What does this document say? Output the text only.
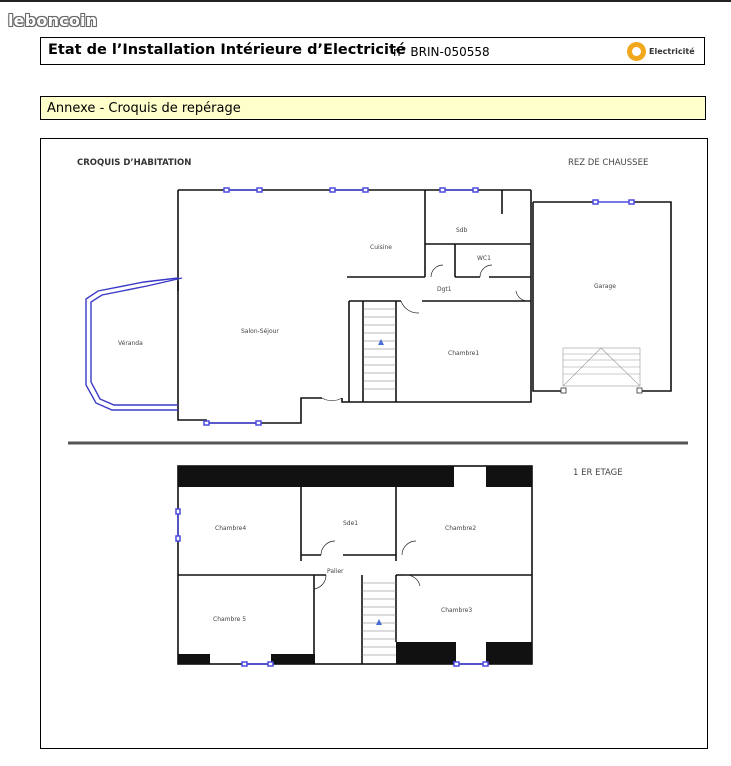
leboncoin
Etat de l’Installation Intérieure d’Electricité
n° BRIN-050558	Electricité
Annexe - Croquis de repérage
CROQUIS D’HABITATION	REZ DE CHAUSSEE
1 ER ETAGE
Véranda
Salon-Séjour
Cuisine
Sdb
WC1
Dgt1
Chambre1
Garage
Chambre4
Sde1
Chambre2
Palier
Chambre 5
Chambre3
